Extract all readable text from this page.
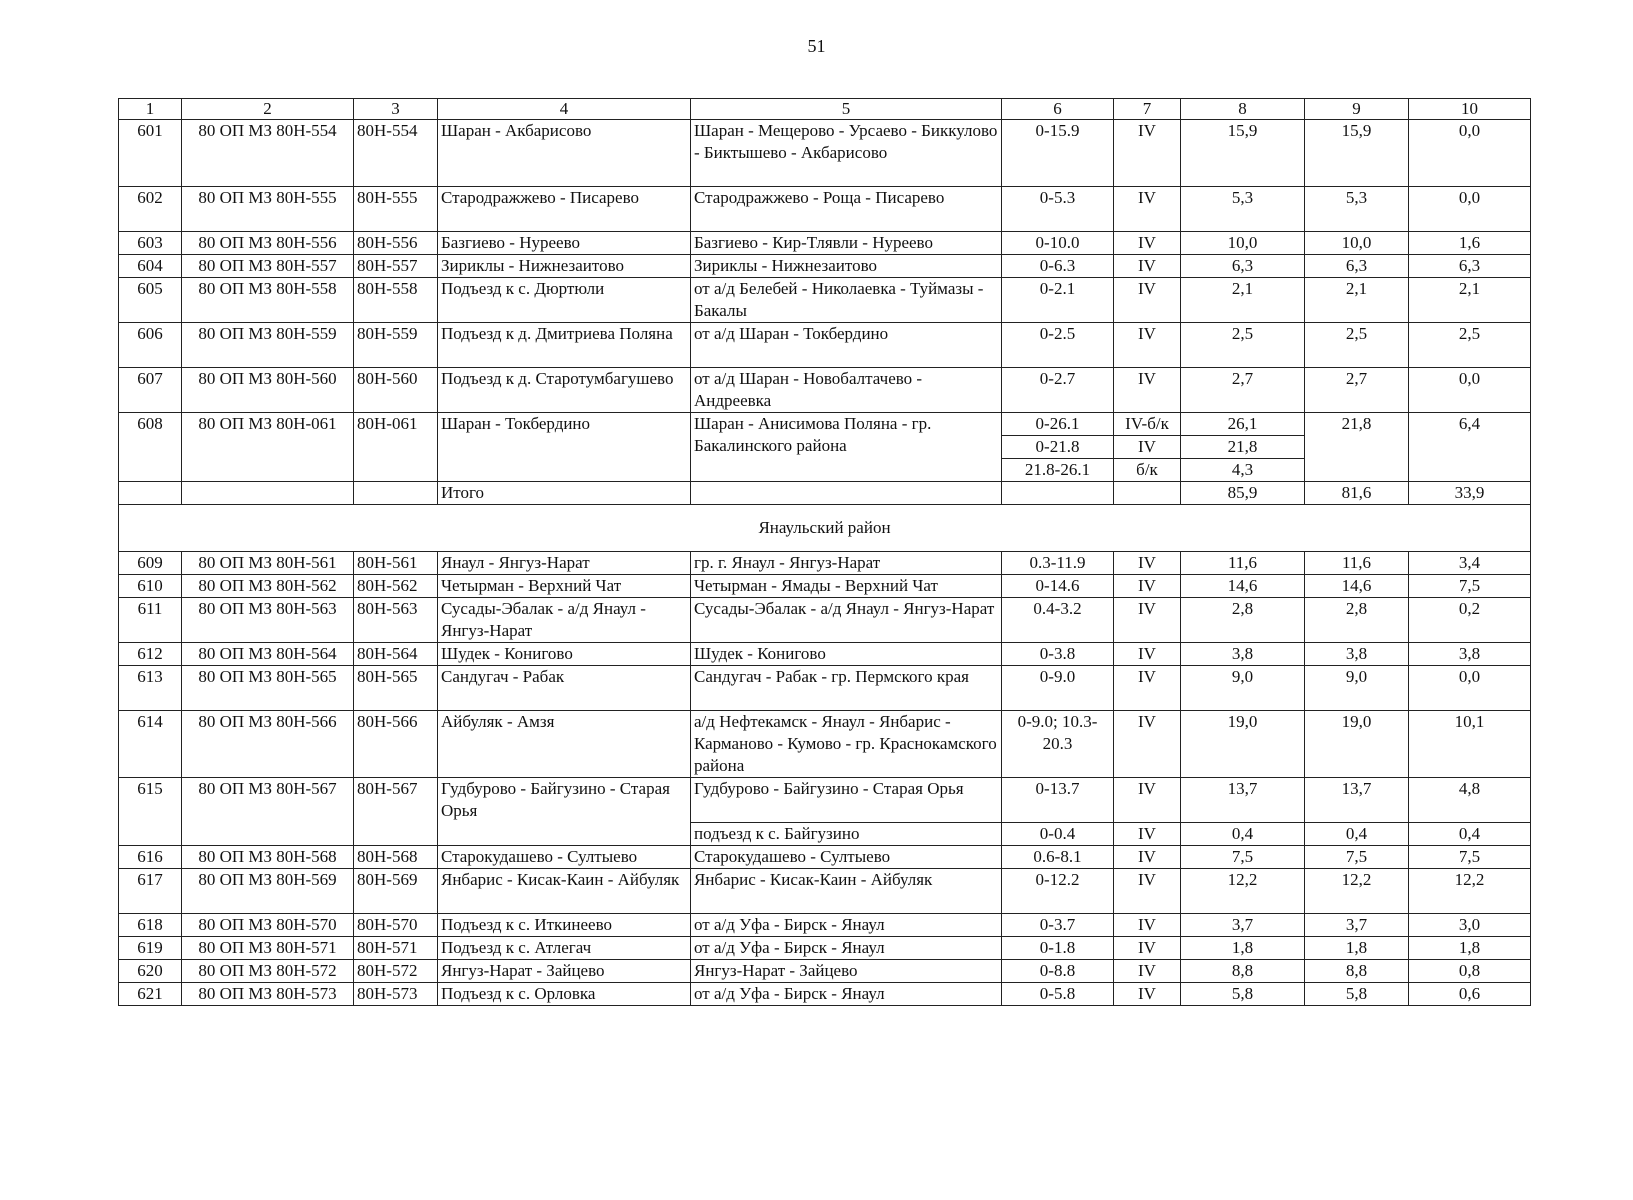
51
1	2	3	4	5	6	7	8	9	10
601	80 ОП МЗ 80Н-554	80Н-554	Шаран - Акбарисово	Шаран - Мещерово - Урсаево - Биккулово - Биктышево - Акбарисово	0-15.9	IV	15,9	15,9	0,0
602	80 ОП МЗ 80Н-555	80Н-555	Стародражжево - Писарево	Стародражжево - Роща - Писарево	0-5.3	IV	5,3	5,3	0,0
603	80 ОП МЗ 80Н-556	80Н-556	Базгиево - Нуреево	Базгиево - Кир-Тлявли - Нуреево	0-10.0	IV	10,0	10,0	1,6
604	80 ОП МЗ 80Н-557	80Н-557	Зириклы - Нижнезаитово	Зириклы - Нижнезаитово	0-6.3	IV	6,3	6,3	6,3
605	80 ОП МЗ 80Н-558	80Н-558	Подъезд к с. Дюртюли	от а/д Белебей - Николаевка - Туймазы - Бакалы	0-2.1	IV	2,1	2,1	2,1
606	80 ОП МЗ 80Н-559	80Н-559	Подъезд к д. Дмитриева Поляна	от а/д Шаран - Токбердино	0-2.5	IV	2,5	2,5	2,5
607	80 ОП МЗ 80Н-560	80Н-560	Подъезд к д. Старотумбагушево	от а/д Шаран - Новобалтачево - Андреевка	0-2.7	IV	2,7	2,7	0,0
608	80 ОП МЗ 80Н-061	80Н-061	Шаран - Токбердино	Шаран - Анисимова Поляна - гр. Бакалинского района	0-26.1	IV-б/к	26,1	21,8	6,4
					0-21.8	IV	21,8		
					21.8-26.1	б/к	4,3		
			Итого				85,9	81,6	33,9
Янаульский район									
609	80 ОП МЗ 80Н-561	80Н-561	Янаул - Янгуз-Нарат	гр. г. Янаул - Янгуз-Нарат	0.3-11.9	IV	11,6	11,6	3,4
610	80 ОП МЗ 80Н-562	80Н-562	Четырман - Верхний Чат	Четырман - Ямады - Верхний Чат	0-14.6	IV	14,6	14,6	7,5
611	80 ОП МЗ 80Н-563	80Н-563	Сусады-Эбалак - а/д Янаул - Янгуз-Нарат	Сусады-Эбалак - а/д Янаул - Янгуз-Нарат	0.4-3.2	IV	2,8	2,8	0,2
612	80 ОП МЗ 80Н-564	80Н-564	Шудек - Конигово	Шудек - Конигово	0-3.8	IV	3,8	3,8	3,8
613	80 ОП МЗ 80Н-565	80Н-565	Сандугач - Рабак	Сандугач - Рабак - гр. Пермского края	0-9.0	IV	9,0	9,0	0,0
614	80 ОП МЗ 80Н-566	80Н-566	Айбуляк - Амзя	а/д Нефтекамск - Янаул - Янбарис - Карманово - Кумово - гр. Краснокамского района	0-9.0; 10.3-20.3	IV	19,0	19,0	10,1
615	80 ОП МЗ 80Н-567	80Н-567	Гудбурово - Байгузино - Старая Орья	Гудбурово - Байгузино - Старая Орья	0-13.7	IV	13,7	13,7	4,8
				подъезд к с. Байгузино	0-0.4	IV	0,4	0,4	0,4
616	80 ОП МЗ 80Н-568	80Н-568	Старокудашево - Султыево	Старокудашево - Султыево	0.6-8.1	IV	7,5	7,5	7,5
617	80 ОП МЗ 80Н-569	80Н-569	Янбарис - Кисак-Каин - Айбуляк	Янбарис - Кисак-Каин - Айбуляк	0-12.2	IV	12,2	12,2	12,2
618	80 ОП МЗ 80Н-570	80Н-570	Подъезд к с. Иткинеево	от а/д Уфа - Бирск - Янаул	0-3.7	IV	3,7	3,7	3,0
619	80 ОП МЗ 80Н-571	80Н-571	Подъезд к с. Атлегач	от а/д Уфа - Бирск - Янаул	0-1.8	IV	1,8	1,8	1,8
620	80 ОП МЗ 80Н-572	80Н-572	Янгуз-Нарат - Зайцево	Янгуз-Нарат - Зайцево	0-8.8	IV	8,8	8,8	0,8
621	80 ОП МЗ 80Н-573	80Н-573	Подъезд к с. Орловка	от а/д Уфа - Бирск - Янаул	0-5.8	IV	5,8	5,8	0,6
